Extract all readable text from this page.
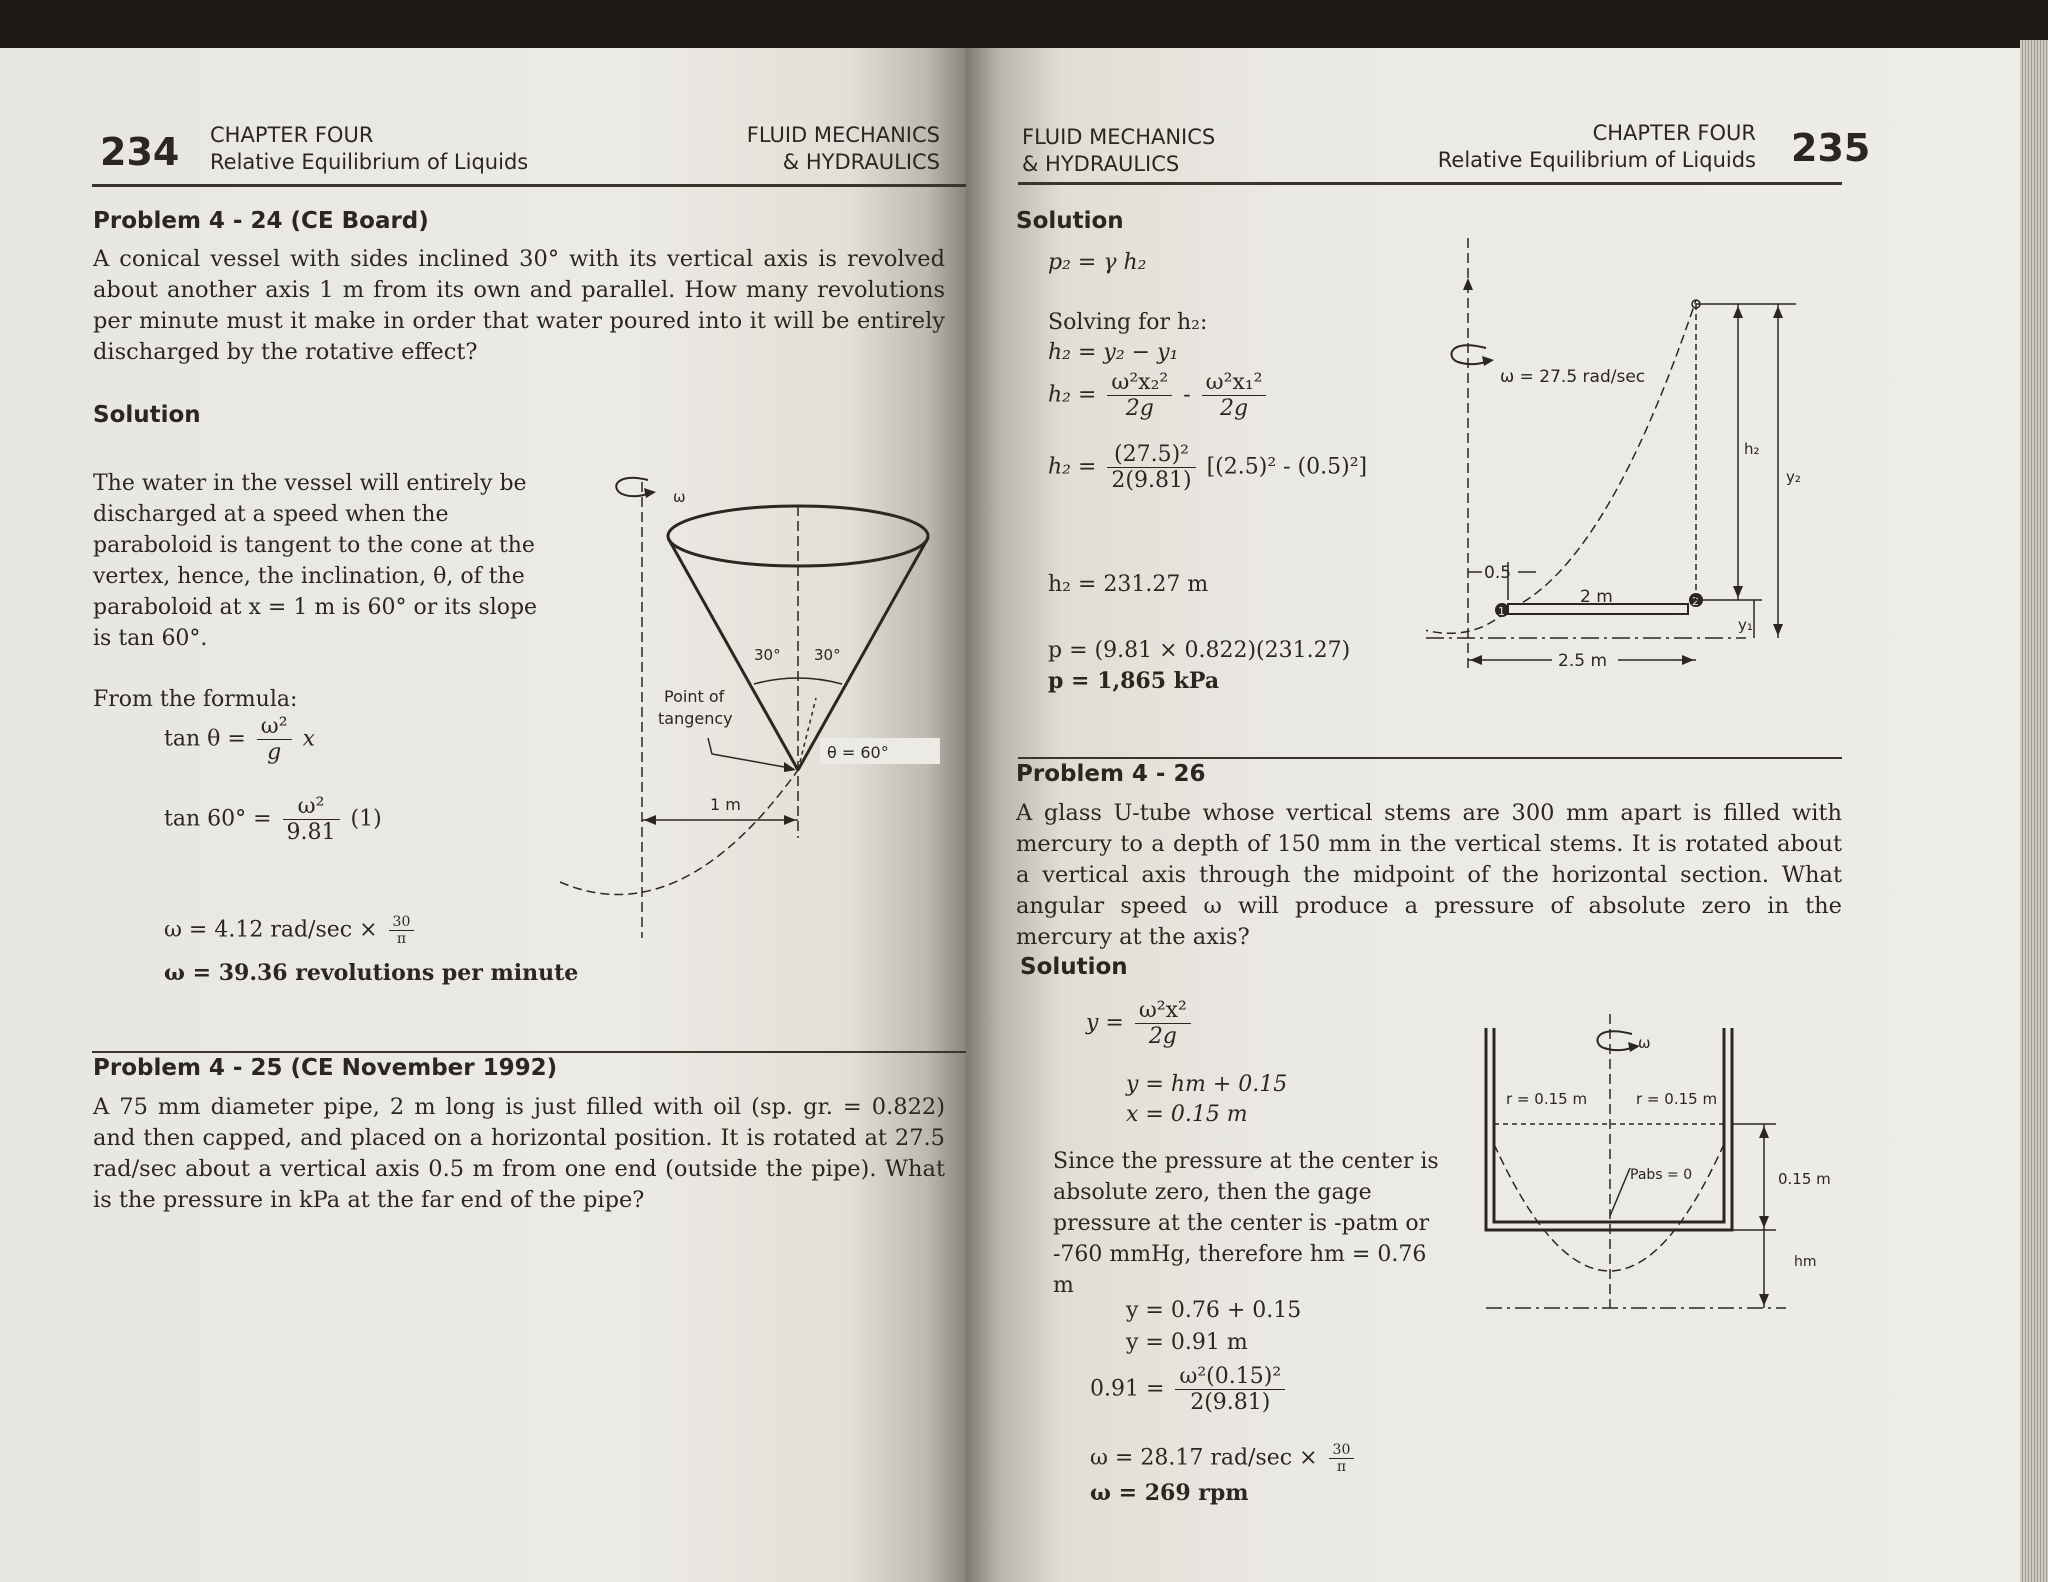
234 CHAPTER FOUR
Relative Equilibrium of Liquids
FLUID MECHANICS
& HYDRAULICS
Problem 4 - 24 (CE Board)
A conical vessel with sides inclined 30° with its vertical axis is revolved about another axis 1 m from its own and parallel. How many revolutions per minute must it make in order that water poured into it will be entirely discharged by the rotative effect?
Solution
The water in the vessel will entirely be discharged at a speed when the paraboloid is tangent to the cone at the vertex, hence, the inclination, θ, of the paraboloid at x = 1 m is 60° or its slope is tan 60°.
From the formula:
$\tan \theta = \frac{\text{ω²}}{g}$ x
$\tan 60^\circ = \frac{\text{ω²}}{9.81} (1)$
ω = 4.12 $rad/\sec \times \frac{30}{\pi}$
ω = 39.36 revolutions per minute
ω
30° 30°
Point of
tangency
θ = 60°
1 m
Problem 4 - 25 (CE November 1992)
A 75 mm diameter pipe, 2 m long is just filled with oil (sp. gr. = 0.822) and then capped, and placed on a horizontal position. It is rotated at 27.5 rad/sec about a vertical axis 0.5 m from one end (outside the pipe). What is the pressure in kPa at the far end of the pipe?
FLUID MECHANICS
& HYDRAULICS
CHAPTER FOUR
Relative Equilibrium of Liquids 235
Solution
p₂ = γ h₂
Solving for h₂:
h₂ = y₂ − y₁
$h_2 = \frac{\text{ω²x₂²}}{2g} - \frac{\text{ω²x₁²}}{2g}$
$h_2 = \frac{\text{(27.5)²}}{2(9.81)} [(2.5)^2 - (0.5)^2]$
h₂ = 231.27 m
p = (9.81 × 0.822)(231.27)
p = 1,865 kPa
ω = 27.5 rad/sec
1
2
2 m
0.5
h₂
y₂
y₁
2.5 m
Problem 4 - 26
A glass U-tube whose vertical stems are 300 mm apart is filled with mercury to a depth of 150 mm in the vertical stems. It is rotated about a vertical axis through the midpoint of the horizontal section. What angular speed ω will produce a pressure of absolute zero in the mercury at the axis?
Solution
$y = \frac{\text{ω²x²}}{2g}$
y = hm + 0.15
x = 0.15 m
Since the pressure at the center is absolute zero, then the gage pressure at the center is -patm or -760 mmHg, therefore hm = 0.76 m
y = 0.76 + 0.15
y = 0.91 m
$0.91 = \frac{\text{ω²(0.15)²}}{2(9.81)}$
ω = 28.17 $rad/\sec \times \frac{30}{\pi}$
ω = 269 rpm
ω
r = 0.15 m	r = 0.15 m
Pabs = 0	0.15 m
hm
